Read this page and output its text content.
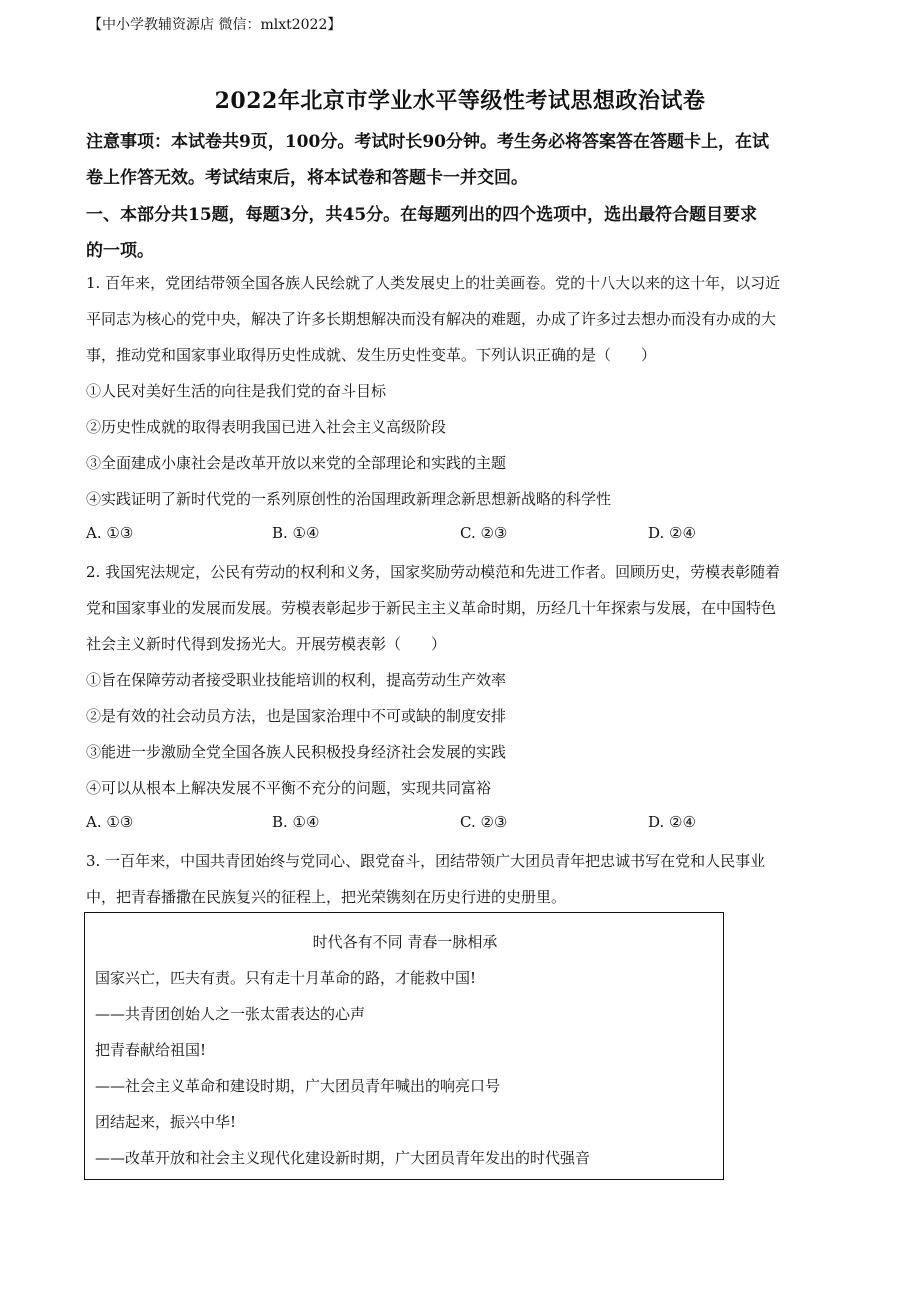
【中小学教辅资源店 微信：mlxt2022】
2022年北京市学业水平等级性考试思想政治试卷
注意事项：本试卷共9页，100分。考试时长90分钟。考生务必将答案答在答题卡上，在试
卷上作答无效。考试结束后，将本试卷和答题卡一并交回。
一、本部分共15题，每题3分，共45分。在每题列出的四个选项中，选出最符合题目要求
的一项。
1. 百年来，党团结带领全国各族人民绘就了人类发展史上的壮美画卷。党的十八大以来的这十年，以习近
平同志为核心的党中央，解决了许多长期想解决而没有解决的难题，办成了许多过去想办而没有办成的大
事，推动党和国家事业取得历史性成就、发生历史性变革。下列认识正确的是（　　）
①人民对美好生活的向往是我们党的奋斗目标
②历史性成就的取得表明我国已进入社会主义高级阶段
③全面建成小康社会是改革开放以来党的全部理论和实践的主题
④实践证明了新时代党的一系列原创性的治国理政新理念新思想新战略的科学性
A. ①③	B. ①④	C. ②③	D. ②④
2. 我国宪法规定，公民有劳动的权利和义务，国家奖励劳动模范和先进工作者。回顾历史，劳模表彰随着
党和国家事业的发展而发展。劳模表彰起步于新民主主义革命时期，历经几十年探索与发展，在中国特色
社会主义新时代得到发扬光大。开展劳模表彰（　　）
①旨在保障劳动者接受职业技能培训的权利，提高劳动生产效率
②是有效的社会动员方法，也是国家治理中不可或缺的制度安排
③能进一步激励全党全国各族人民积极投身经济社会发展的实践
④可以从根本上解决发展不平衡不充分的问题，实现共同富裕
A. ①③	B. ①④	C. ②③	D. ②④
3. 一百年来，中国共青团始终与党同心、跟党奋斗，团结带领广大团员青年把忠诚书写在党和人民事业
中，把青春播撒在民族复兴的征程上，把光荣镌刻在历史行进的史册里。
时代各有不同 青春一脉相承
国家兴亡，匹夫有责。只有走十月革命的路，才能救中国!
——共青团创始人之一张太雷表达的心声
把青春献给祖国!
——社会主义革命和建设时期，广大团员青年喊出的响亮口号
团结起来，振兴中华!
——改革开放和社会主义现代化建设新时期，广大团员青年发出的时代强音
